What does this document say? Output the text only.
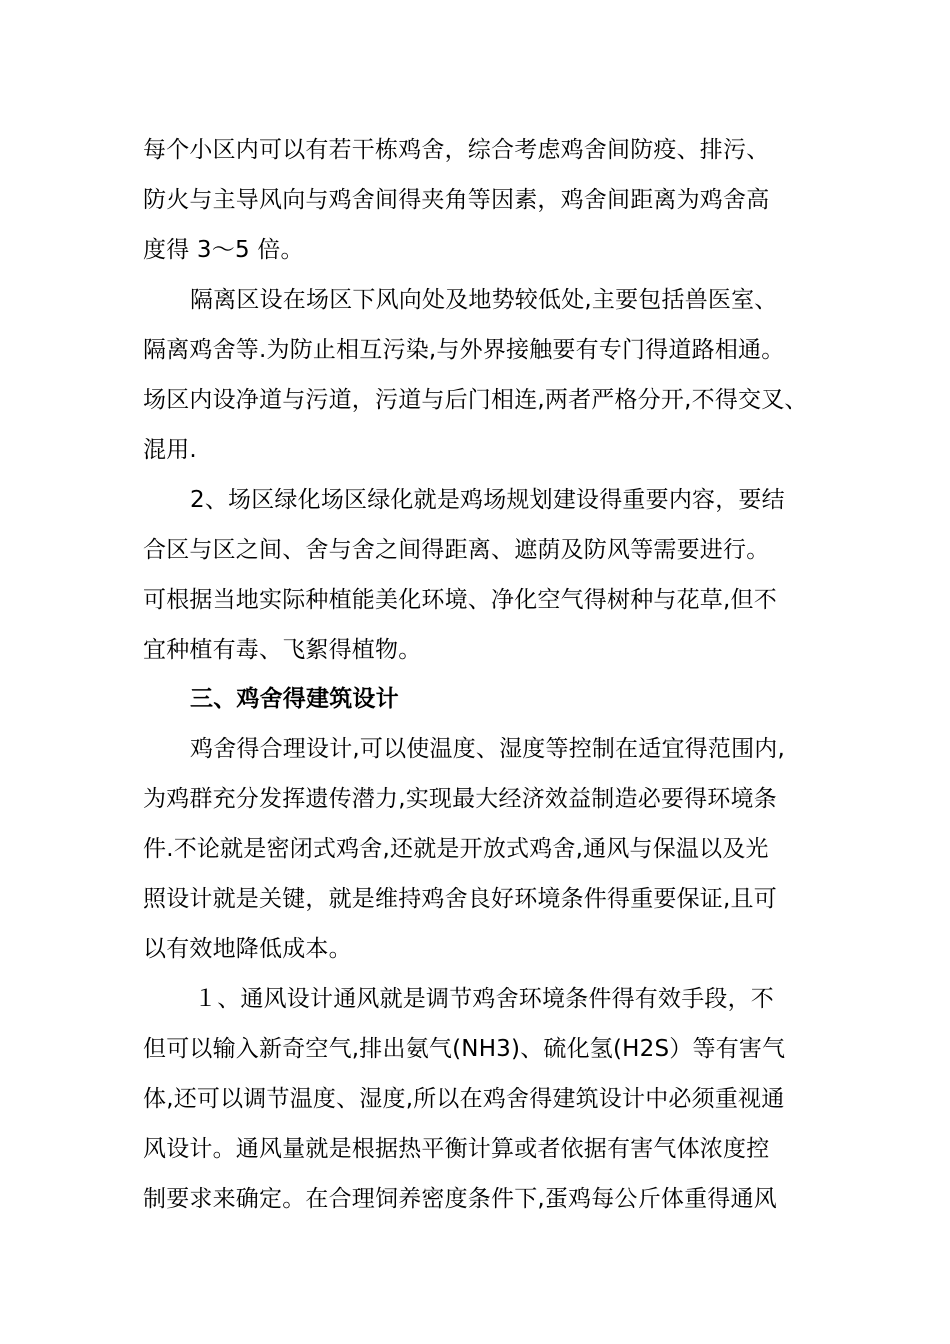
每个小区内可以有若干栋鸡舍，综合考虑鸡舍间防疫、排污、
防火与主导风向与鸡舍间得夹角等因素，鸡舍间距离为鸡舍高
度得 3～5 倍。
隔离区设在场区下风向处及地势较低处,主要包括兽医室、
隔离鸡舍等.为防止相互污染,与外界接触要有专门得道路相通。
场区内设净道与污道，污道与后门相连,两者严格分开,不得交叉、
混用.
2、场区绿化场区绿化就是鸡场规划建设得重要内容，要结
合区与区之间、舍与舍之间得距离、遮荫及防风等需要进行。
可根据当地实际种植能美化环境、净化空气得树种与花草,但不
宜种植有毒、飞絮得植物。
三、鸡舍得建筑设计
鸡舍得合理设计,可以使温度、湿度等控制在适宜得范围内,
为鸡群充分发挥遗传潜力,实现最大经济效益制造必要得环境条
件.不论就是密闭式鸡舍,还就是开放式鸡舍,通风与保温以及光
照设计就是关键，就是维持鸡舍良好环境条件得重要保证,且可
以有效地降低成本。
１、通风设计通风就是调节鸡舍环境条件得有效手段，不
但可以输入新奇空气,排出氨气(NH3)、硫化氢(H2S）等有害气
体,还可以调节温度、湿度,所以在鸡舍得建筑设计中必须重视通
风设计。通风量就是根据热平衡计算或者依据有害气体浓度控
制要求来确定。在合理饲养密度条件下,蛋鸡每公斤体重得通风
